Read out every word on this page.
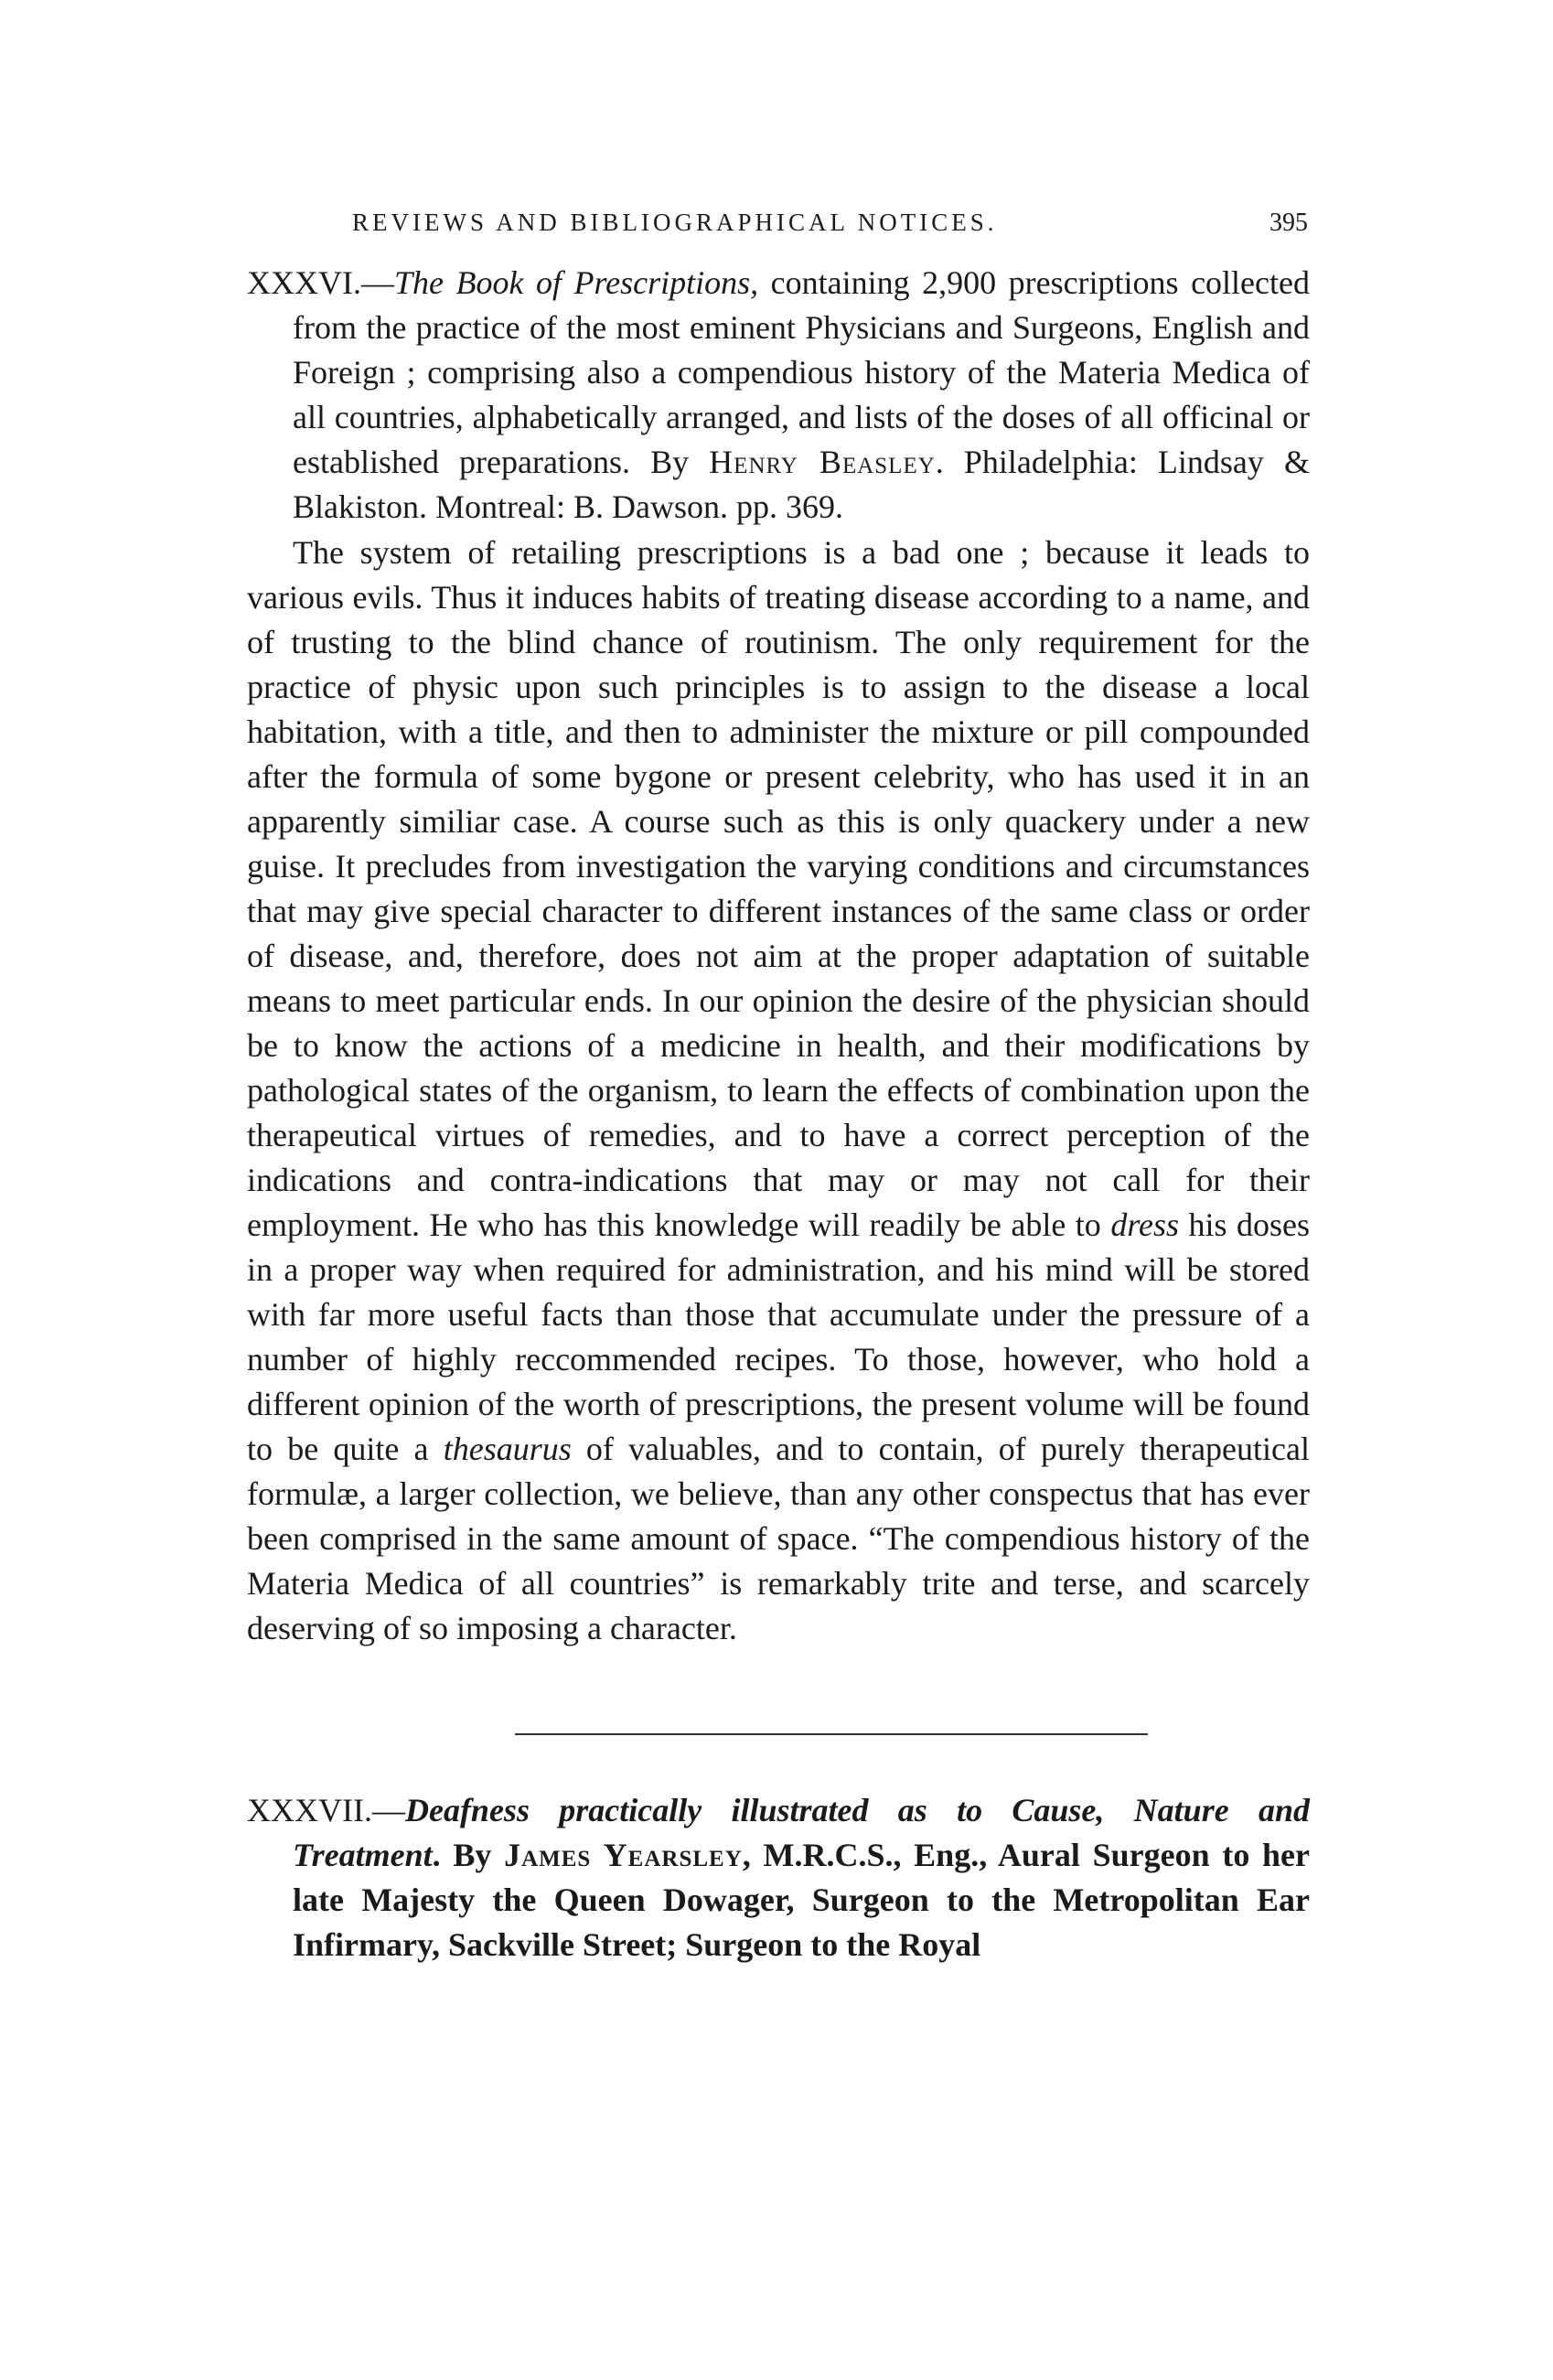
REVIEWS AND BIBLIOGRAPHICAL NOTICES.	395

XXXVI.—The Book of Prescriptions, containing 2,900 prescriptions collected from the practice of the most eminent Physicians and Surgeons, English and Foreign ; comprising also a compendious history of the Materia Medica of all countries, alphabetically arranged, and lists of the doses of all officinal or established preparations. By Henry Beasley. Philadelphia: Lindsay & Blakiston. Montreal: B. Dawson. pp. 369.

The system of retailing prescriptions is a bad one ; because it leads to various evils. Thus it induces habits of treating disease according to a name, and of trusting to the blind chance of routinism. The only requirement for the practice of physic upon such principles is to assign to the disease a local habitation, with a title, and then to administer the mixture or pill compounded after the formula of some bygone or present celebrity, who has used it in an apparently similiar case. A course such as this is only quackery under a new guise. It precludes from investigation the varying conditions and circumstances that may give special character to different instances of the same class or order of disease, and, therefore, does not aim at the proper adaptation of suitable means to meet particular ends. In our opinion the desire of the physician should be to know the actions of a medicine in health, and their modifications by pathological states of the organism, to learn the effects of combination upon the therapeutical virtues of remedies, and to have a correct perception of the indications and contra-indications that may or may not call for their employment. He who has this knowledge will readily be able to dress his doses in a proper way when required for administration, and his mind will be stored with far more useful facts than those that accumulate under the pressure of a number of highly reccommended recipes. To those, however, who hold a different opinion of the worth of prescriptions, the present volume will be found to be quite a thesaurus of valuables, and to contain, of purely therapeutical formulæ, a larger collection, we believe, than any other conspectus that has ever been comprised in the same amount of space. “The compendious history of the Materia Medica of all countries” is remarkably trite and terse, and scarcely deserving of so imposing a character.

XXXVII.—Deafness practically illustrated as to Cause, Nature and Treatment. By James Yearsley, M.R.C.S., Eng., Aural Surgeon to her late Majesty the Queen Dowager, Surgeon to the Metropolitan Ear Infirmary, Sackville Street; Surgeon to the Royal
